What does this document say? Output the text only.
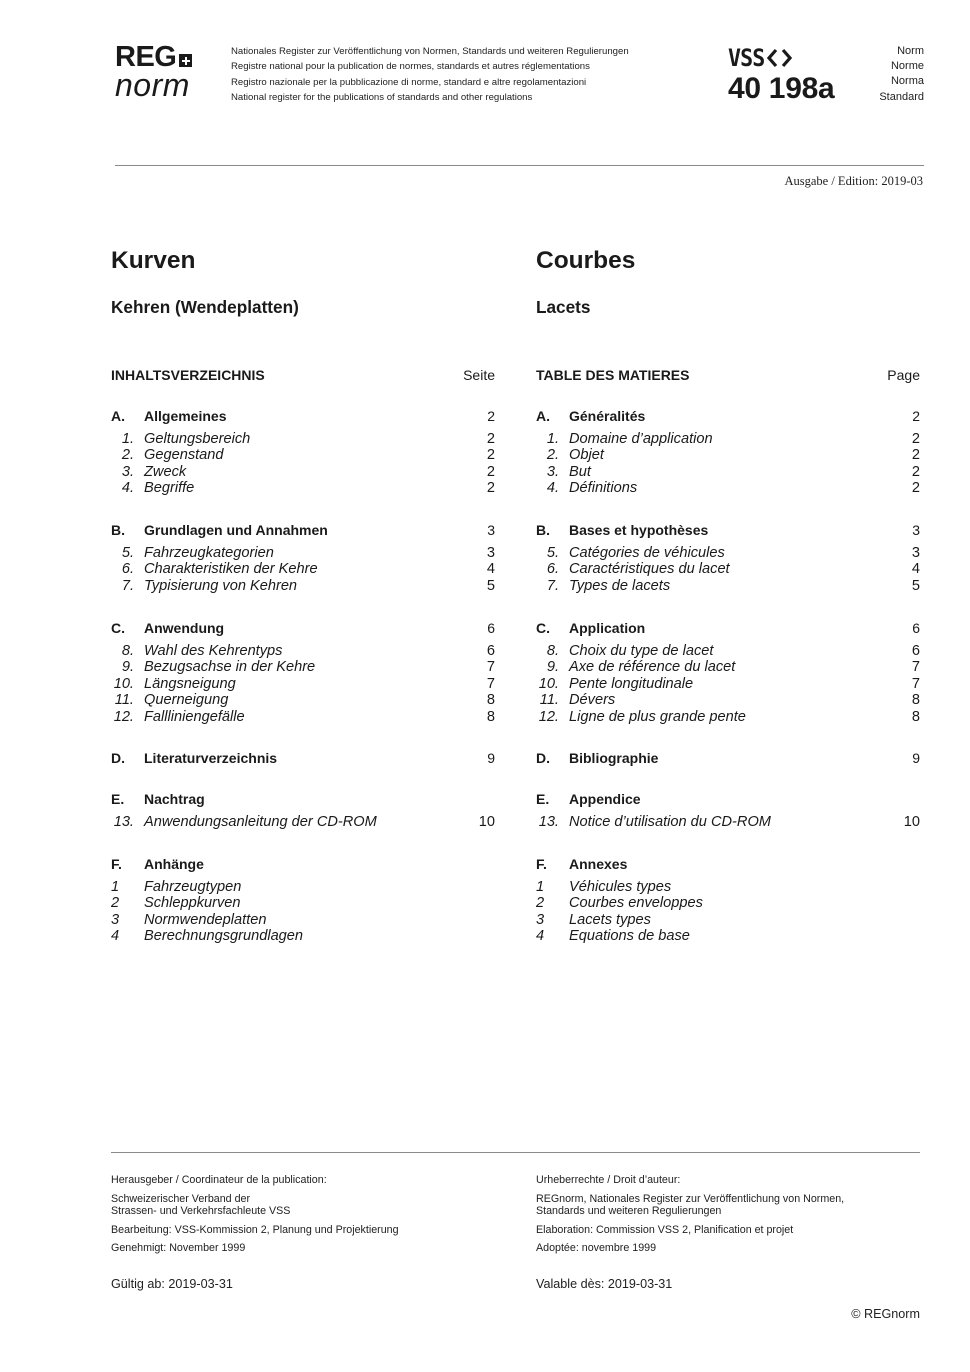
REG
norm
Nationales Register zur Veröffentlichung von Normen, Standards und weiteren Regulierungen
Registre national pour la publication de normes, standards et autres réglementations
Registro nazionale per la pubblicazione di norme, standard e altre regolamentazioni
National register for the publications of standards and other regulations
VSS
40 198a
Norm
Norme
Norma
Standard
Ausgabe / Edition: 2019-03
Kurven
Kehren (Wendeplatten)
INHALTSVERZEICHNIS	Seite
A.	Allgemeines	2
1. Geltungsbereich	2
2. Gegenstand	2
3. Zweck	2
4. Begriffe	2
B.	Grundlagen und Annahmen	3
5. Fahrzeugkategorien	3
6. Charakteristiken der Kehre	4
7. Typisierung von Kehren	5
C.	Anwendung	6
8. Wahl des Kehrentyps	6
9. Bezugsachse in der Kehre	7
10. Längsneigung	7
11. Querneigung	8
12. Fallliniengefälle	8
D.	Literaturverzeichnis	9
E.	Nachtrag
13. Anwendungsanleitung der CD-ROM	10
F.	Anhänge
1	Fahrzeugtypen
2	Schleppkurven
3	Normwendeplatten
4	Berechnungsgrundlagen
Courbes
Lacets
TABLE DES MATIERES	Page
A.	Généralités	2
1. Domaine d’application	2
2. Objet	2
3. But	2
4. Définitions	2
B.	Bases et hypothèses	3
5. Catégories de véhicules	3
6. Caractéristiques du lacet	4
7. Types de lacets	5
C.	Application	6
8. Choix du type de lacet	6
9. Axe de référence du lacet	7
10. Pente longitudinale	7
11. Dévers	8
12. Ligne de plus grande pente	8
D.	Bibliographie	9
E.	Appendice
13. Notice d’utilisation du CD-ROM	10
F.	Annexes
1	Véhicules types
2	Courbes enveloppes
3	Lacets types
4	Equations de base

Herausgeber / Coordinateur de la publication:

Schweizerischer Verband der
Strassen- und Verkehrsfachleute VSS

Bearbeitung: VSS-Kommission 2, Planung und Projektierung

Genehmigt: November 1999

Gültig ab: 2019-03-31

Urheberrechte / Droit d’auteur:

REGnorm, Nationales Register zur Veröffentlichung von Normen,
Standards und weiteren Regulierungen

Elaboration: Commission VSS 2, Planification et projet

Adoptée: novembre 1999

Valable dès: 2019-03-31
© REGnorm
